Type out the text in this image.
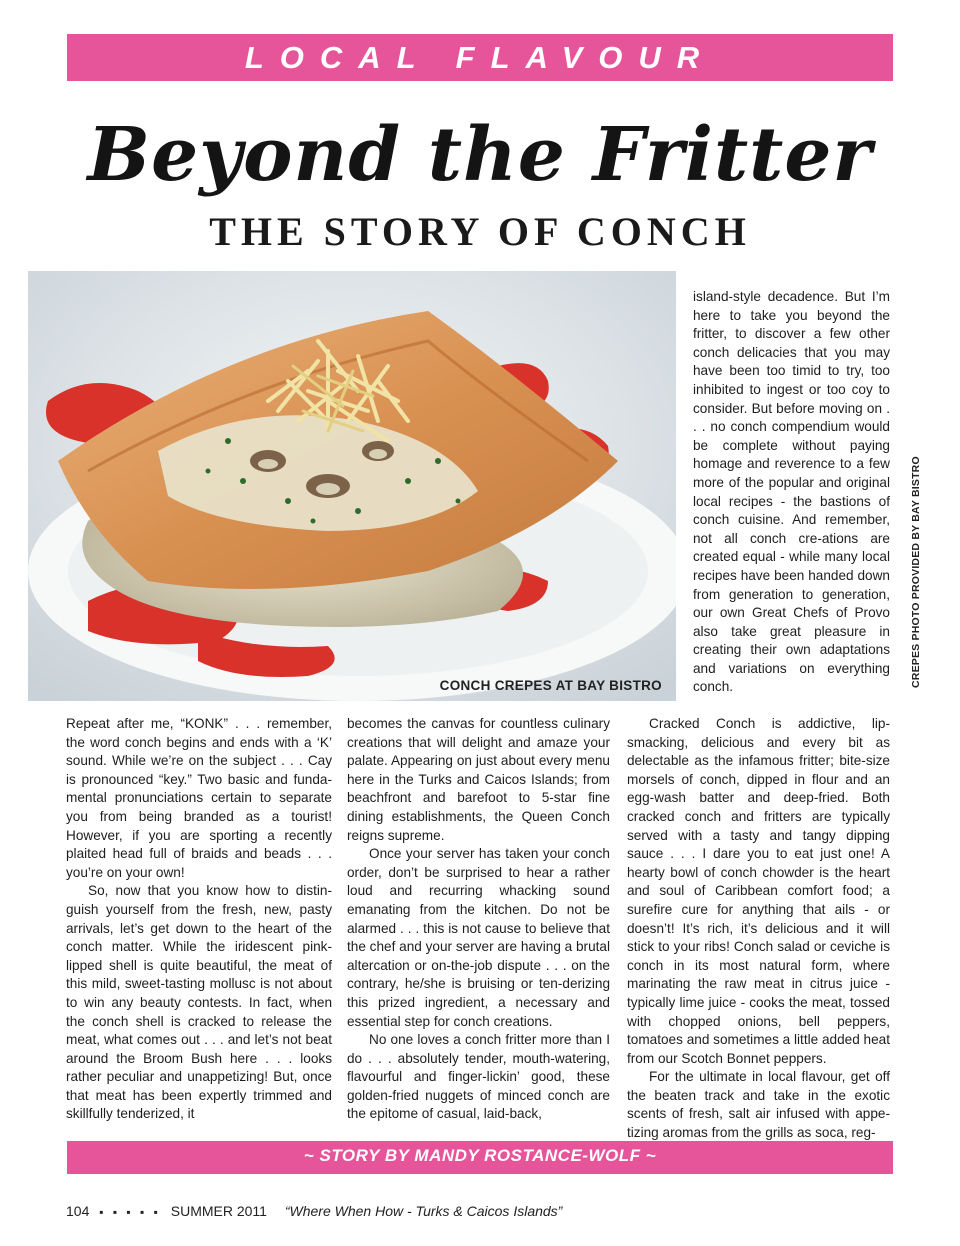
LOCAL FLAVOUR
Beyond the Fritter
THE STORY OF CONCH
CONCH CREPES AT BAY BISTRO	CREPES PHOTO PROVIDED BY BAY BISTRO

island-style decadence. But I’m here to take you beyond the fritter, to discover a few other conch delicacies that you may have been too timid to try, too inhibited to ingest or too coy to consider. But before moving on . . . no conch compendium would be complete without paying homage and reverence to a few more of the popular and original local recipes - the bastions of conch cuisine. And remember, not all conch cre-ations are created equal - while many local recipes have been handed down from generation to generation, our own Great Chefs of Provo also take great pleasure in creating their own adaptations and variations on everything conch.

Repeat after me, “KONK” . . . remember, the word conch begins and ends with a ‘K’ sound. While we’re on the subject . . . Cay is pronounced “key.” Two basic and funda-mental pronunciations certain to separate you from being branded as a tourist! However, if you are sporting a recently plaited head full of braids and beads . . . you’re on your own!

So, now that you know how to distin-guish yourself from the fresh, new, pasty arrivals, let’s get down to the heart of the conch matter. While the iridescent pink-lipped shell is quite beautiful, the meat of this mild, sweet-tasting mollusc is not about to win any beauty contests. In fact, when the conch shell is cracked to release the meat, what comes out . . . and let’s not beat around the Broom Bush here . . . looks rather peculiar and unappetizing! But, once that meat has been expertly trimmed and skillfully tenderized, it

becomes the canvas for countless culinary creations that will delight and amaze your palate. Appearing on just about every menu here in the Turks and Caicos Islands; from beachfront and barefoot to 5-star fine dining establishments, the Queen Conch reigns supreme.

Once your server has taken your conch order, don’t be surprised to hear a rather loud and recurring whacking sound emanating from the kitchen. Do not be alarmed . . . this is not cause to believe that the chef and your server are having a brutal altercation or on-the-job dispute . . . on the contrary, he/she is bruising or ten-derizing this prized ingredient, a necessary and essential step for conch creations.

No one loves a conch fritter more than I do . . . absolutely tender, mouth-watering, flavourful and finger-lickin’ good, these golden-fried nuggets of minced conch are the epitome of casual, laid-back,

Cracked Conch is addictive, lip-smacking, delicious and every bit as delectable as the infamous fritter; bite-size morsels of conch, dipped in flour and an egg-wash batter and deep-fried. Both cracked conch and fritters are typically served with a tasty and tangy dipping sauce . . . I dare you to eat just one! A hearty bowl of conch chowder is the heart and soul of Caribbean comfort food; a surefire cure for anything that ails - or doesn’t! It’s rich, it’s delicious and it will stick to your ribs! Conch salad or ceviche is conch in its most natural form, where marinating the raw meat in citrus juice - typically lime juice - cooks the meat, tossed with chopped onions, bell peppers, tomatoes and sometimes a little added heat from our Scotch Bonnet peppers.

For the ultimate in local flavour, get off the beaten track and take in the exotic scents of fresh, salt air infused with appe-tizing aromas from the grills as soca, reg-

~ STORY BY MANDY ROSTANCE-WOLF ~
104 ▪ ▪ ▪ ▪ ▪ SUMMER 2011 “Where When How - Turks & Caicos Islands”
